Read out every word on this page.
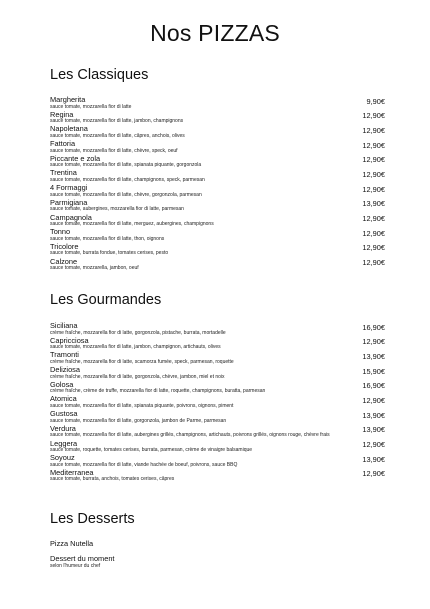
Nos PIZZAS
Les Classiques
Margherita	9,90€
sauce tomate, mozzarella fior di latte
Regina	12,90€
sauce tomate, mozzarella fior di latte, jambon, champignons
Napoletana	12,90€
sauce tomate, mozzarella fior di latte, câpres, anchois, olives
Fattoria	12,90€
sauce tomate, mozzarella fior di latte, chèvre, speck, oeuf
Piccante e zola	12,90€
sauce tomate, mozzarella fior di latte, spianata piquante, gorgonzola
Trentina	12,90€
sauce tomate, mozzarella fior di latte, champignons, speck, parmesan
4 Formaggi	12,90€
sauce tomate, mozzarella fior di latte, chèvre, gorgonzola, parmesan
Parmigiana	13,90€
sauce tomate, aubergines, mozzarella fior di latte, parmesan
Campagnola	12,90€
sauce tomate, mozzarella fior di latte, merguez, aubergines, champignons
Tonno	12,90€
sauce tomate, mozzarella fior di latte, thon, oignons
Tricolore	12,90€
sauce tomate, burrata fondue, tomates cerises, pesto
Calzone	12,90€
sauce tomate, mozzarella, jambon, oeuf
Les Gourmandes
Siciliana	16,90€
crème fraîche, mozzarella fior di latte, gorgonzola, pistache, burrata, mortadelle
Capricciosa	12,90€
sauce tomate, mozzarella fior di latte, jambon, champignon, artichauts, olives
Tramonti	13,90€
crème fraîche, mozzarella fior di latte, scamorza fumée, speck, parmesan, roquette
Deliziosa	15,90€
crème fraîche, mozzarella fior di latte, gorgonzola, chèvre, jambon, miel et noix
Golosa	16,90€
crème fraîche, crème de truffe, mozzarella fior di latte, roquette, champignons, buratta, parmesan
Atomica	12,90€
sauce tomate, mozzarella fior di latte, spianata piquante, poivrons, oignons, piment
Gustosa	13,90€
sauce tomate, mozzarella fior di latte, gorgonzola, jambon de Parme, parmesan
Verdura	13,90€
sauce tomate, mozzarella fior di latte, aubergines grillés, champignons, artichauts, poivrons grillés, oignons rouge, chèvre frais
Leggera	12,90€
sauce tomate, roquette, tomates cerises, burrata, parmesan, crème de vinaigre balsamique
Soyouz	13,90€
sauce tomate, mozzarella fior di latte, viande hachée de boeuf, poivrons, sauce BBQ
Mediterranea	12,90€
sauce tomate, burrata, anchois, tomates cerises, câpres
Les Desserts
Pizza Nutella
Dessert du moment
selon l'humeur du chef
